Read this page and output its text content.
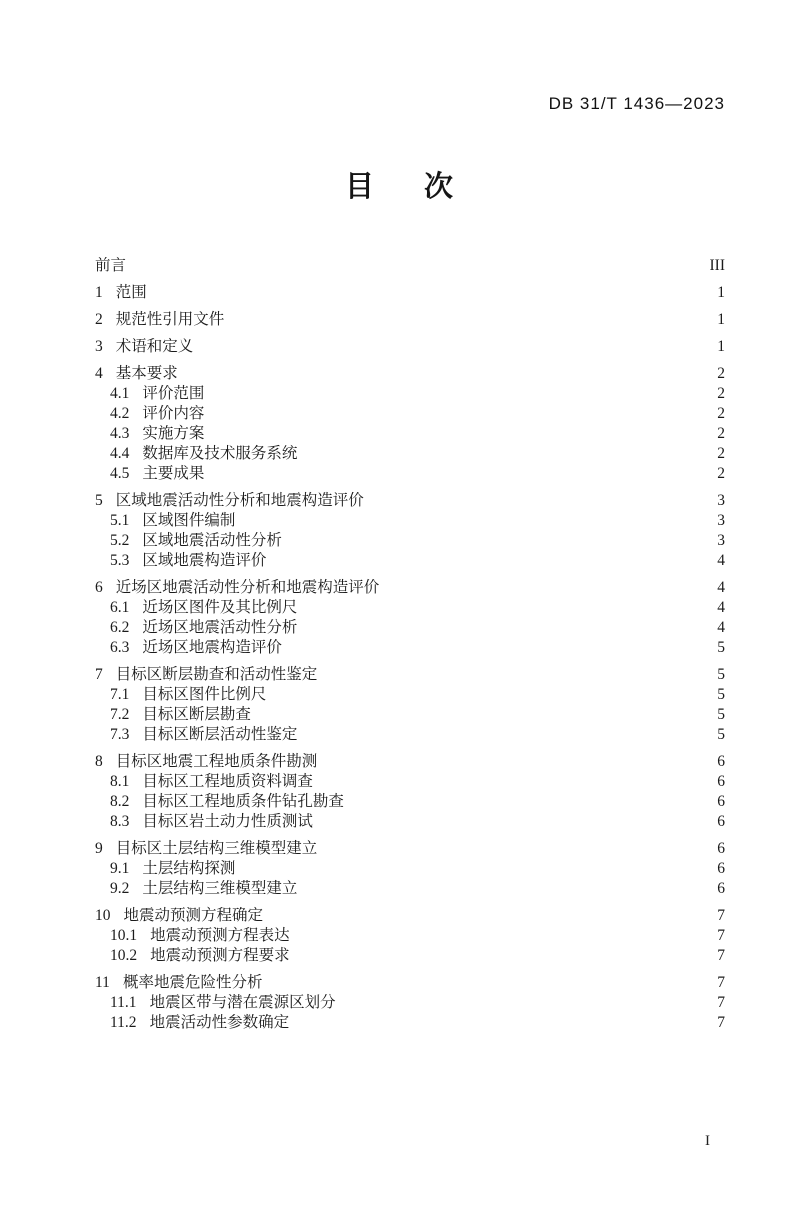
DB 31/T 1436—2023
目 次
前言	III
1 范围	1
2 规范性引用文件	1
3 术语和定义	1
4 基本要求	2
4.1 评价范围	2
4.2 评价内容	2
4.3 实施方案	2
4.4 数据库及技术服务系统	2
4.5 主要成果	2
5 区域地震活动性分析和地震构造评价	3
5.1 区域图件编制	3
5.2 区域地震活动性分析	3
5.3 区域地震构造评价	4
6 近场区地震活动性分析和地震构造评价	4
6.1 近场区图件及其比例尺	4
6.2 近场区地震活动性分析	4
6.3 近场区地震构造评价	5
7 目标区断层勘查和活动性鉴定	5
7.1 目标区图件比例尺	5
7.2 目标区断层勘查	5
7.3 目标区断层活动性鉴定	5
8 目标区地震工程地质条件勘测	6
8.1 目标区工程地质资料调查	6
8.2 目标区工程地质条件钻孔勘查	6
8.3 目标区岩土动力性质测试	6
9 目标区土层结构三维模型建立	6
9.1 土层结构探测	6
9.2 土层结构三维模型建立	6
10 地震动预测方程确定	7
10.1 地震动预测方程表达	7
10.2 地震动预测方程要求	7
11 概率地震危险性分析	7
11.1 地震区带与潜在震源区划分	7
11.2 地震活动性参数确定	7
I
